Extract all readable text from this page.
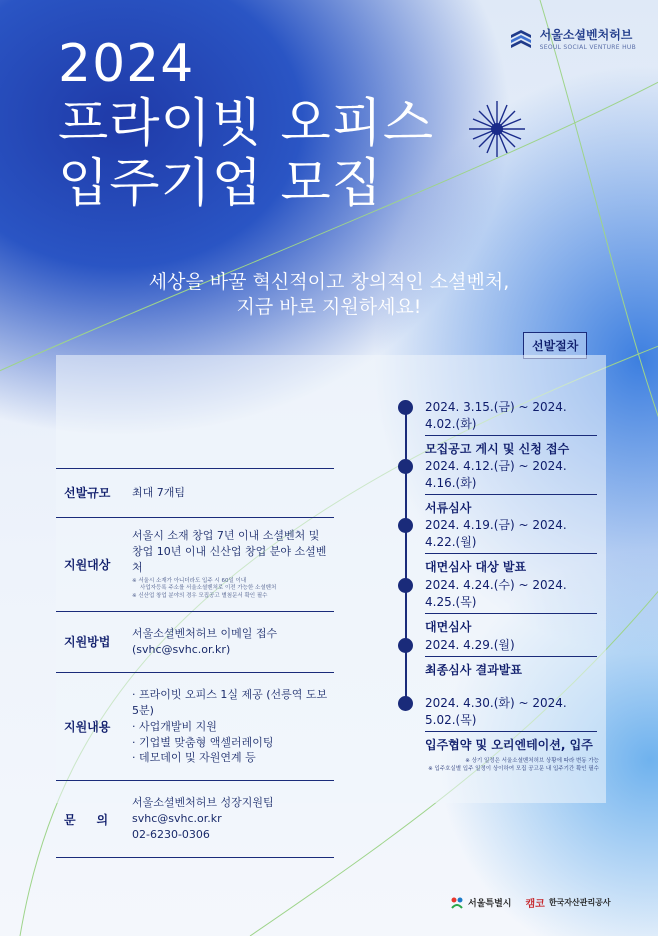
서울소셜벤처허브
SEOUL SOCIAL VENTURE HUB
2024
프라이빗 오피스
입주기업 모집
세상을 바꿀 혁신적이고 창의적인 소셜벤처,
지금 바로 지원하세요!
선발절차
선발규모	최대 7개팀
지원대상
서울시 소재 창업 7년 이내 소셜벤처 및
창업 10년 이내 신산업 창업 분야 소셜벤처
※ 서울시 소재가 아니더라도 입주 시 60일 이내
사업자등록 주소를 서울소셜벤처로 이전 가능한 소셜벤처
※ 신산업 창업 분야의 경우 모집공고 별첨문서 확인 필수
지원방법
서울소셜벤처허브 이메일 접수
(svhc@svhc.or.kr)
지원내용
· 프라이빗 오피스 1실 제공 (선릉역 도보 5분)
· 사업개발비 지원
· 기업별 맞춤형 액셀러레이팅
· 데모데이 및 자원연계 등
문     의
서울소셜벤처허브 성장지원팀
svhc@svhc.or.kr
02-6230-0306
2024. 3.15.(금) ~ 2024. 4.02.(화)
모집공고 게시 및 신청 접수
2024. 4.12.(금) ~ 2024. 4.16.(화)
서류심사
2024. 4.19.(금) ~ 2024. 4.22.(월)
대면심사 대상 발표
2024. 4.24.(수) ~ 2024. 4.25.(목)
대면심사
2024. 4.29.(월)
최종심사 결과발표
2024. 4.30.(화) ~ 2024. 5.02.(목)
입주협약 및 오리엔테이션, 입주
※ 상기 일정은 서울소셜벤처허브 상황에 따라 변동 가능
※ 입주호실별 입주 일정이 상이하여 모집 공고문 내 입주기간 확인 필수
서울특별시 캠코 한국자산관리공사
